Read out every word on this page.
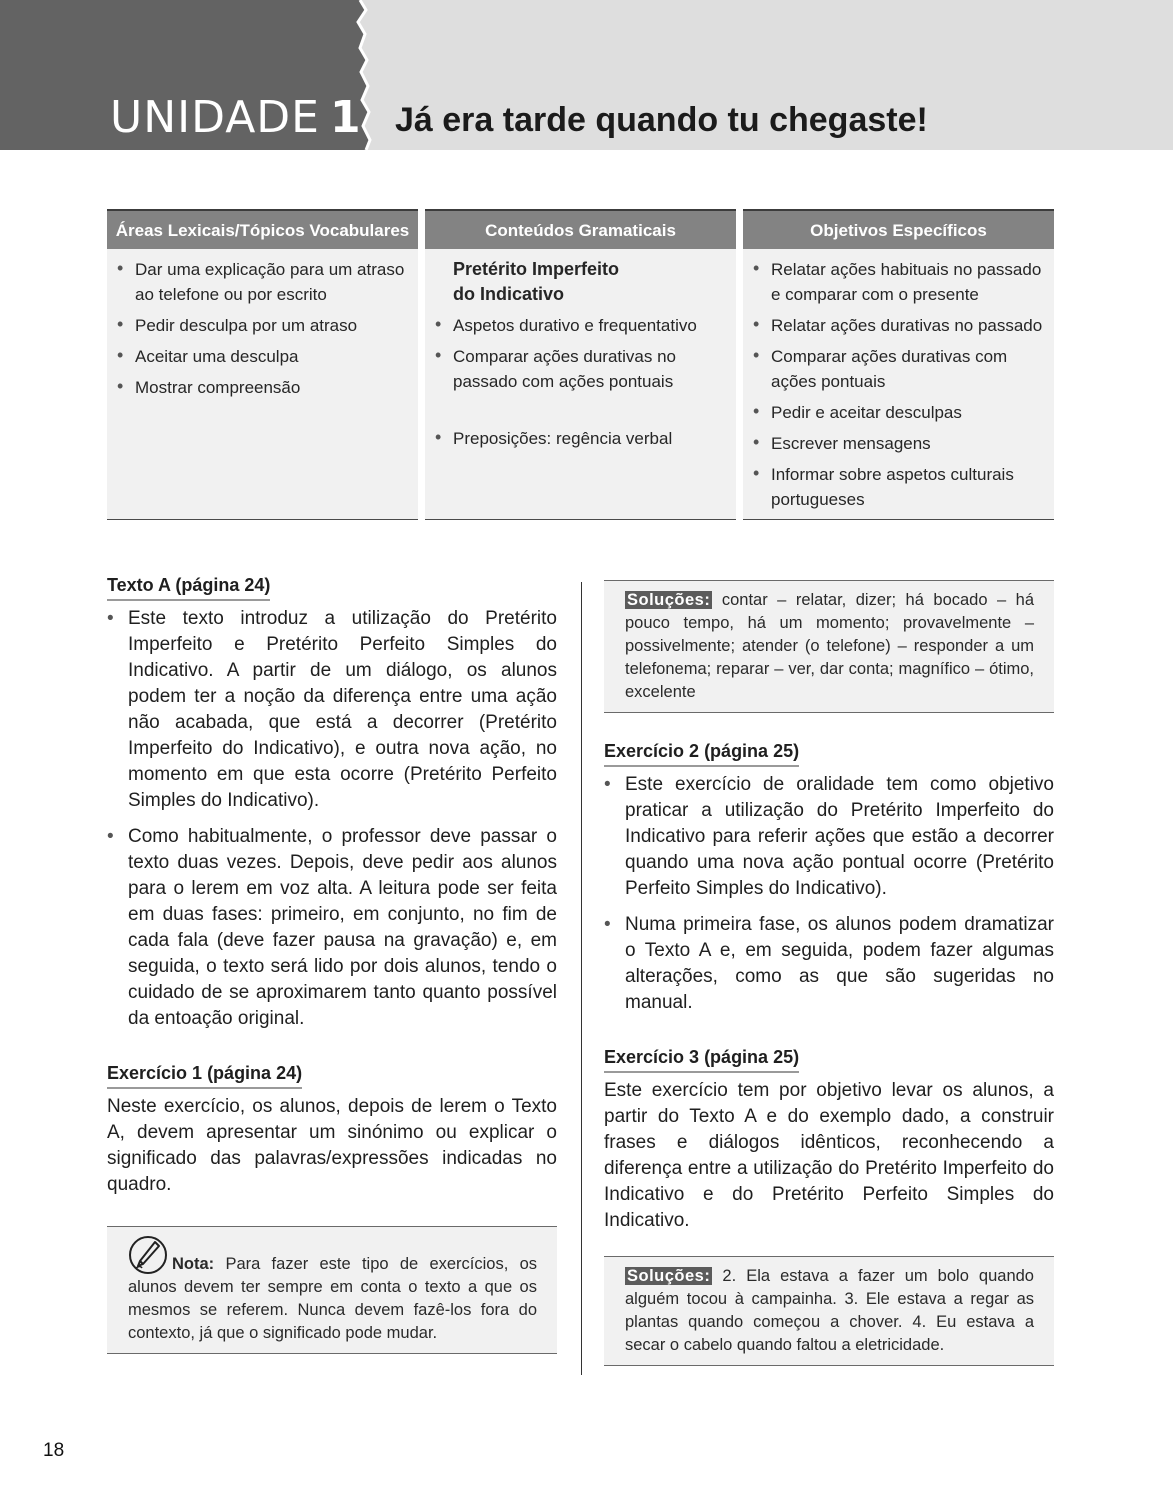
UNIDADE 1 Já era tarde quando tu chegaste!
Áreas Lexicais/Tópicos Vocabulares
• Dar uma explicação para um atraso ao telefone ou por escrito
• Pedir desculpa por um atraso
• Aceitar uma desculpa
• Mostrar compreensão
Conteúdos Gramaticais
Pretérito Imperfeito
do Indicativo
• Aspetos durativo e frequentativo
• Comparar ações durativas no passado com ações pontuais
• Preposições: regência verbal
Objetivos Específicos
• Relatar ações habituais no passado e comparar com o presente
• Relatar ações durativas no passado
• Comparar ações durativas com ações pontuais
• Pedir e aceitar desculpas
• Escrever mensagens
• Informar sobre aspetos culturais portugueses
Texto A (página 24)
• Este texto introduz a utilização do Pretérito Imperfeito e Pretérito Perfeito Simples do Indicativo. A partir de um diálogo, os alunos podem ter a noção da diferença entre uma ação não acabada, que está a decorrer (Pretérito Imperfeito do Indicativo), e outra nova ação, no momento em que esta ocorre (Pretérito Perfeito Simples do Indicativo).
• Como habitualmente, o professor deve passar o texto duas vezes. Depois, deve pedir aos alunos para o lerem em voz alta. A leitura pode ser feita em duas fases: primeiro, em conjunto, no fim de cada fala (deve fazer pausa na gravação) e, em seguida, o texto será lido por dois alunos, tendo o cuidado de se aproximarem tanto quanto possível da entoação original.
Exercício 1 (página 24)

Neste exercício, os alunos, depois de lerem o Texto A, devem apresentar um sinónimo ou explicar o significado das palavras/expressões indicadas no quadro.

Nota: Para fazer este tipo de exercícios, os alunos devem ter sempre em conta o texto a que os mesmos se referem. Nunca devem fazê-los fora do contexto, já que o significado pode mudar.
Soluções: contar – relatar, dizer; há bocado – há pouco tempo, há um momento; provavelmente – possivelmente; atender (o telefone) – responder a um telefonema; reparar – ver, dar conta; magnífico – ótimo, excelente
Exercício 2 (página 25)
• Este exercício de oralidade tem como objetivo praticar a utilização do Pretérito Imperfeito do Indicativo para referir ações que estão a decorrer quando uma nova ação pontual ocorre (Pretérito Perfeito Simples do Indicativo).
• Numa primeira fase, os alunos podem dramatizar o Texto A e, em seguida, podem fazer algumas alterações, como as que são sugeridas no manual.
Exercício 3 (página 25)

Este exercício tem por objetivo levar os alunos, a partir do Texto A e do exemplo dado, a construir frases e diálogos idênticos, reconhecendo a diferença entre a utilização do Pretérito Imperfeito do Indicativo e do Pretérito Perfeito Simples do Indicativo.

Soluções: 2. Ela estava a fazer um bolo quando alguém tocou à campainha. 3. Ele estava a regar as plantas quando começou a chover. 4. Eu estava a secar o cabelo quando faltou a eletricidade.
18
